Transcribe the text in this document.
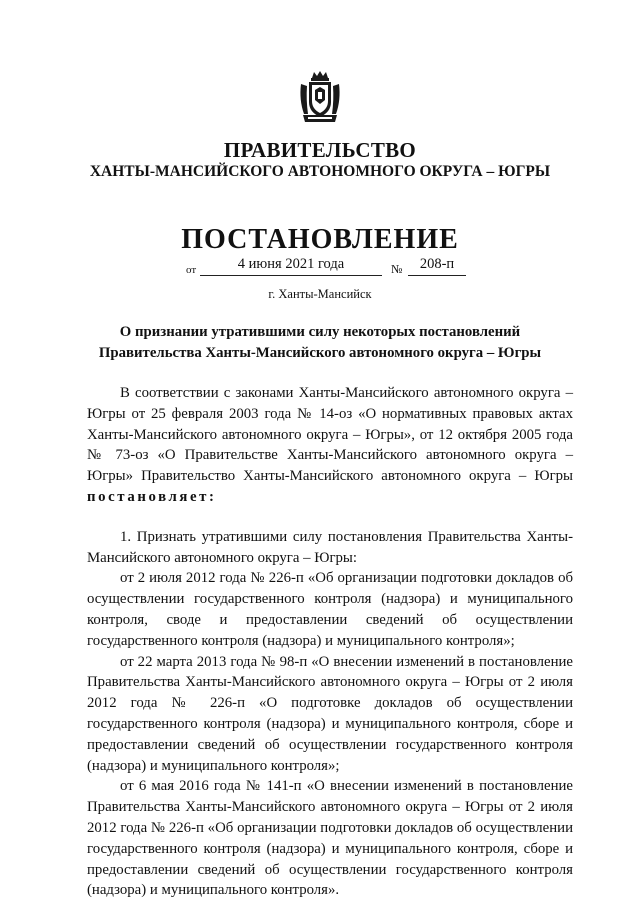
ПРАВИТЕЛЬСТВО
ХАНТЫ-МАНСИЙСКОГО АВТОНОМНОГО ОКРУГА – ЮГРЫ
ПОСТАНОВЛЕНИЕ
от	4 июня 2021 года	№	208-п
г. Ханты-Мансийск
О признании утратившими силу некоторых постановлений
Правительства Ханты-Мансийского автономного округа – Югры

В соответствии с законами Ханты-Мансийского автономного округа – Югры от 25 февраля 2003 года № 14-оз «О нормативных правовых актах Ханты-Мансийского автономного округа – Югры», от 12 октября 2005 года № 73-оз «О Правительстве Ханты-Мансийского автономного округа – Югры» Правительство Ханты-Мансийского автономного округа – Югры постановляет:

1. Признать утратившими силу постановления Правительства Ханты-Мансийского автономного округа – Югры:

от 2 июля 2012 года № 226-п «Об организации подготовки докладов об осуществлении государственного контроля (надзора) и муниципального контроля, своде и предоставлении сведений об осуществлении государственного контроля (надзора) и муниципального контроля»;

от 22 марта 2013 года № 98-п «О внесении изменений в постановление Правительства Ханты-Мансийского автономного округа – Югры от 2 июля 2012 года № 226-п «О подготовке докладов об осуществлении государственного контроля (надзора) и муниципального контроля, сборе и предоставлении сведений об осуществлении государственного контроля (надзора) и муниципального контроля»;

от 6 мая 2016 года № 141-п «О внесении изменений в постановление Правительства Ханты-Мансийского автономного округа – Югры от 2 июля 2012 года № 226-п «Об организации подготовки докладов об осуществлении государственного контроля (надзора) и муниципального контроля, сборе и предоставлении сведений об осуществлении государственного контроля (надзора) и муниципального контроля».
